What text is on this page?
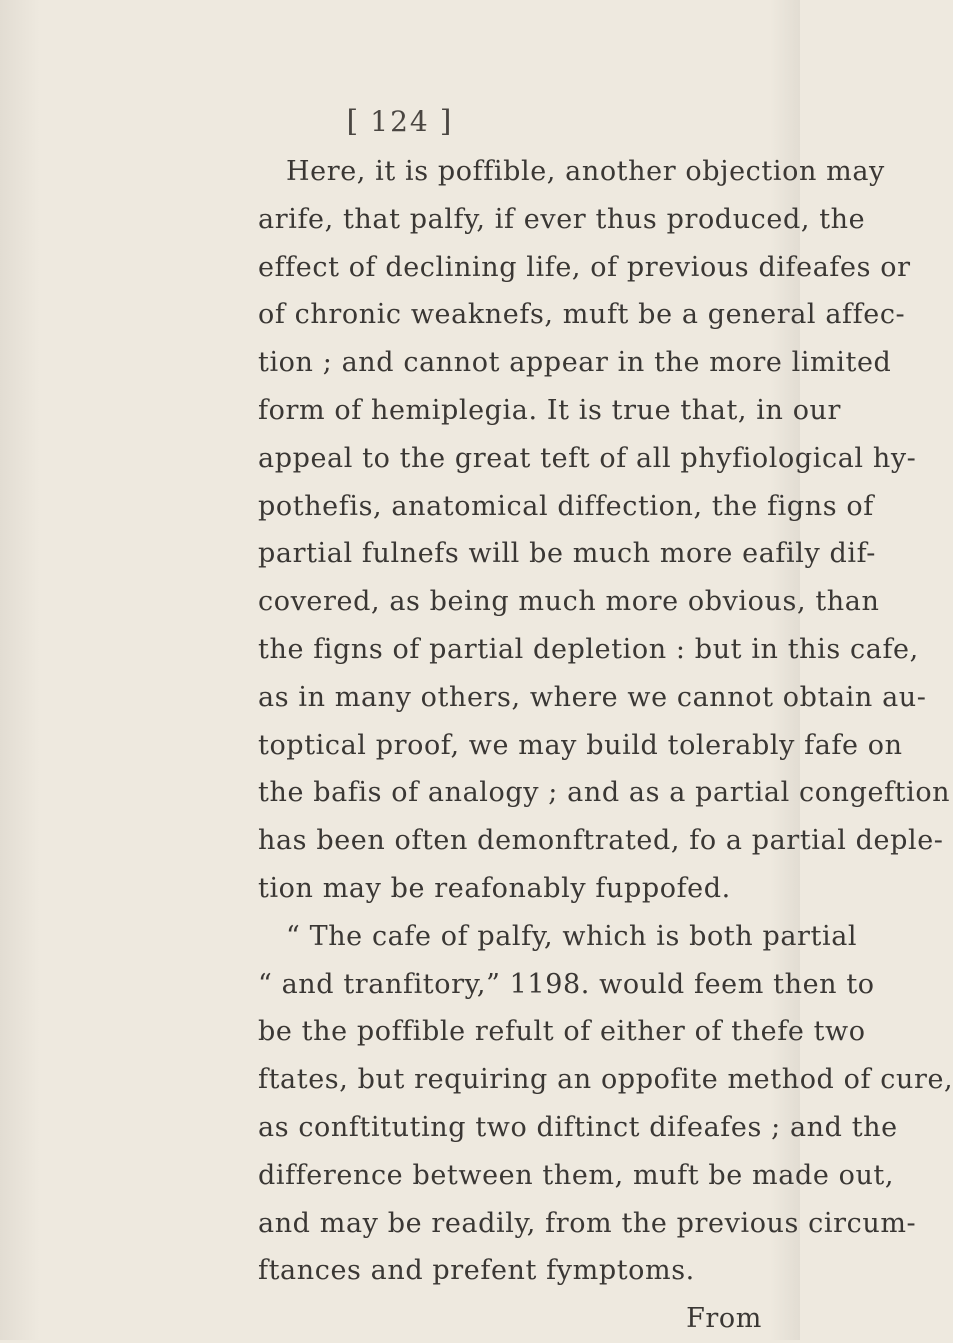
[ 124 ]
Here, it is poffible, another objection may
arife, that palfy, if ever thus produced, the
effect of declining life, of previous difeafes or
of chronic weaknefs, muft be a general affec-
tion ; and cannot appear in the more limited
form of hemiplegia. It is true that, in our
appeal to the great teft of all phyfiological hy-
pothefis, anatomical diffection, the figns of
partial fulnefs will be much more eafily dif-
covered, as being much more obvious, than
the figns of partial depletion : but in this cafe,
as in many others, where we cannot obtain au-
toptical proof, we may build tolerably fafe on
the bafis of analogy ; and as a partial congeftion
has been often demonftrated, fo a partial deple-
tion may be reafonably fuppofed.
“ The cafe of palfy, which is both partial
“ and tranfitory,” 1198. would feem then to
be the poffible refult of either of thefe two
ftates, but requiring an oppofite method of cure,
as conftituting two diftinct difeafes ; and the
difference between them, muft be made out,
and may be readily, from the previous circum-
ftances and prefent fymptoms.
From
